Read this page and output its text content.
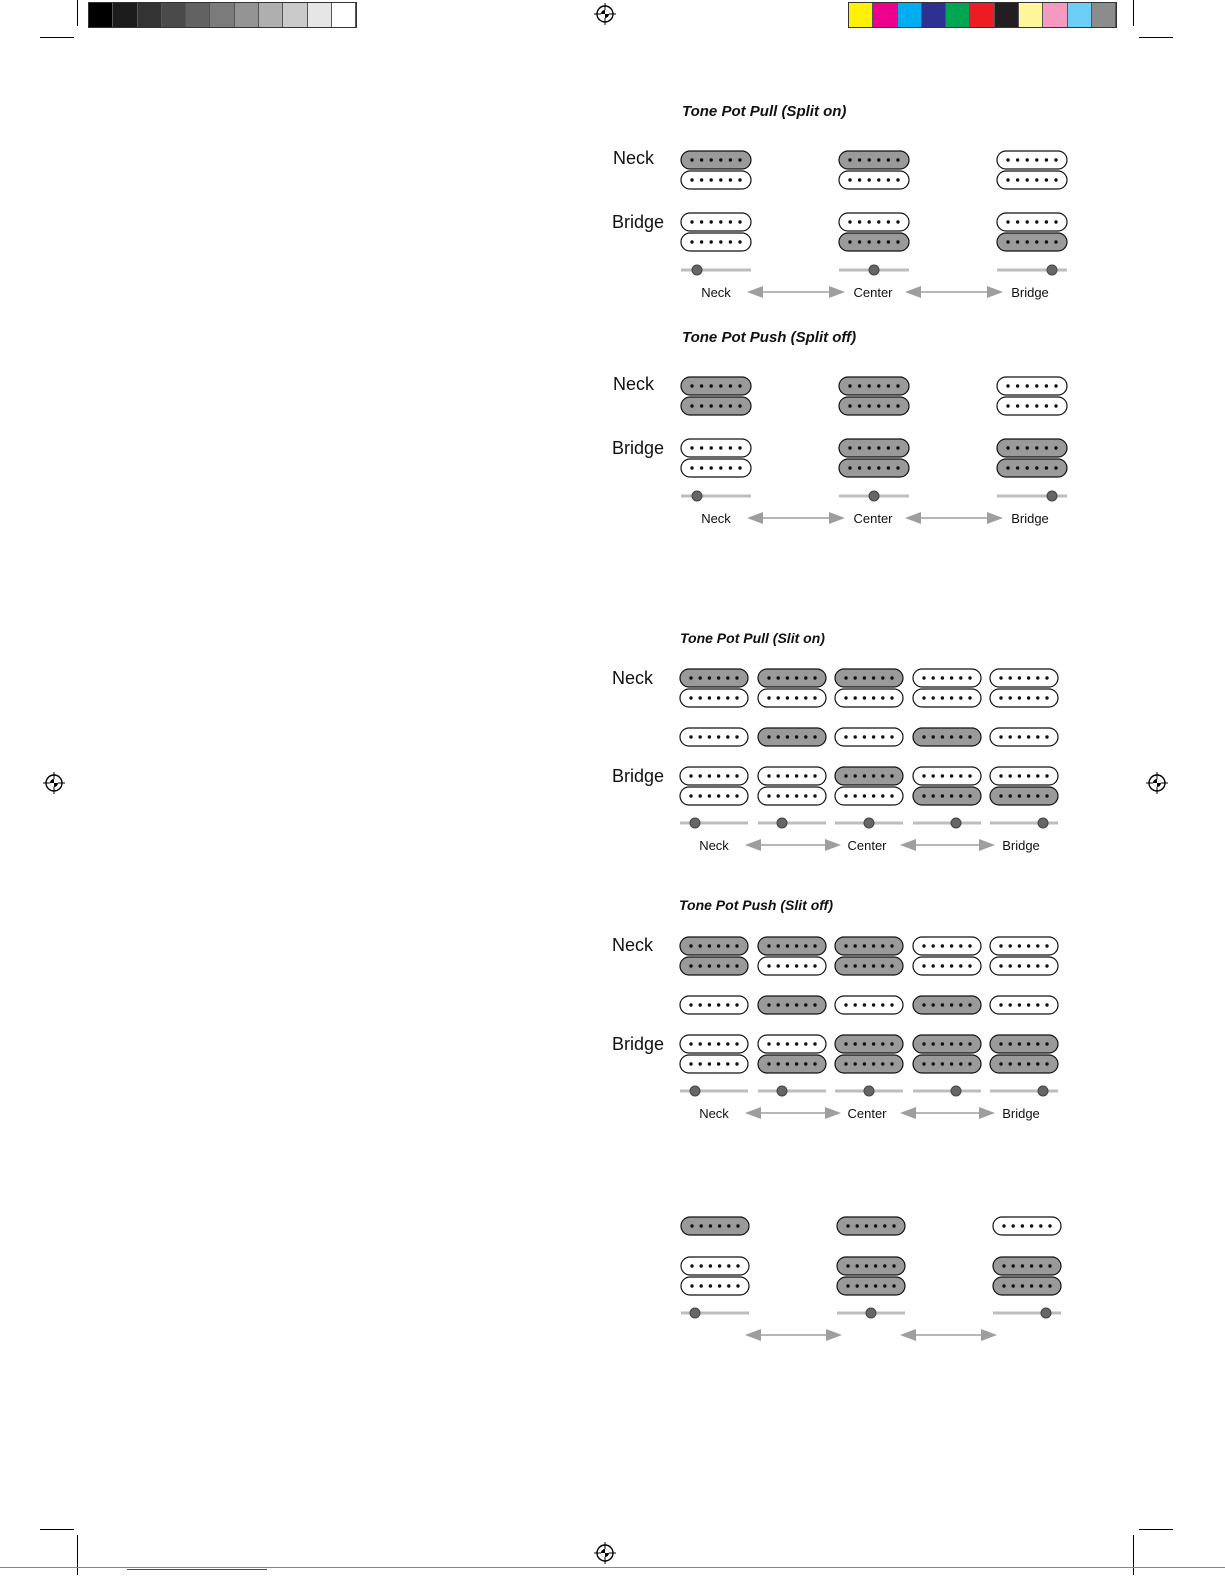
Tone Pot Pull (Split on)
Tone Pot Push (Split off)
Tone Pot Pull (Slit on)
Tone Pot Push (Slit off)
Neck
Bridge
Neck
Bridge
Neck
Bridge
Neck
Bridge
Neck	Center	Bridge
Neck	Center	Bridge
Neck	Center	Bridge
Neck	Center	Bridge
